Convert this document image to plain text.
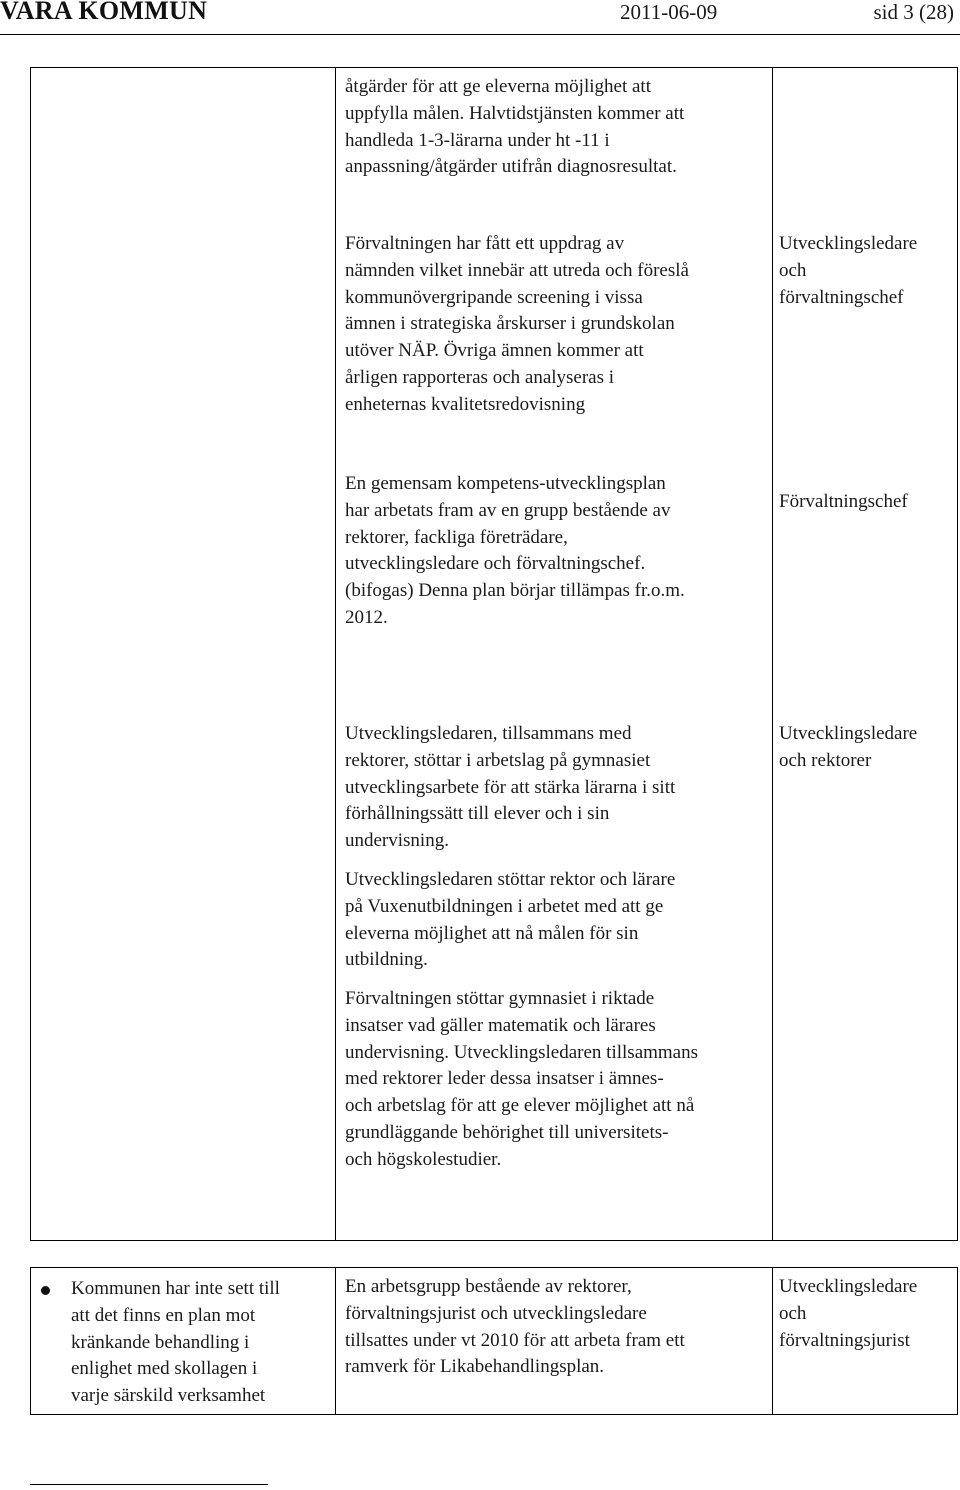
VARA KOMMUN	2011-06-09	sid 3 (28)
åtgärder för att ge eleverna möjlighet att
uppfylla målen. Halvtidstjänsten kommer att
handleda 1-3-lärarna under ht -11 i
anpassning/åtgärder utifrån diagnosresultat.
Förvaltningen har fått ett uppdrag av
nämnden vilket innebär att utreda och föreslå
kommunövergripande screening i vissa
ämnen i strategiska årskurser i grundskolan
utöver NÄP. Övriga ämnen kommer att
årligen rapporteras och analyseras i
enheternas kvalitetsredovisning
Utvecklingsledare
och
förvaltningschef
En gemensam kompetens-utvecklingsplan
har arbetats fram av en grupp bestående av
rektorer, fackliga företrädare,
utvecklingsledare och förvaltningschef.
(bifogas) Denna plan börjar tillämpas fr.o.m.
2012.
Förvaltningschef
Utvecklingsledaren, tillsammans med
rektorer, stöttar i arbetslag på gymnasiet
utvecklingsarbete för att stärka lärarna i sitt
förhållningssätt till elever och i sin
undervisning.
Utvecklingsledare
och rektorer
Utvecklingsledaren stöttar rektor och lärare
på Vuxenutbildningen i arbetet med att ge
eleverna möjlighet att nå målen för sin
utbildning.
Förvaltningen stöttar gymnasiet i riktade
insatser vad gäller matematik och lärares
undervisning. Utvecklingsledaren tillsammans
med rektorer leder dessa insatser i ämnes-
och arbetslag för att ge elever möjlighet att nå
grundläggande behörighet till universitets-
och högskolestudier.
Kommunen har inte sett till
att det finns en plan mot
kränkande behandling i
enlighet med skollagen i
varje särskild verksamhet
En arbetsgrupp bestående av rektorer,
förvaltningsjurist och utvecklingsledare
tillsattes under vt 2010 för att arbeta fram ett
ramverk för Likabehandlingsplan.
Utvecklingsledare
och
förvaltningsjurist
